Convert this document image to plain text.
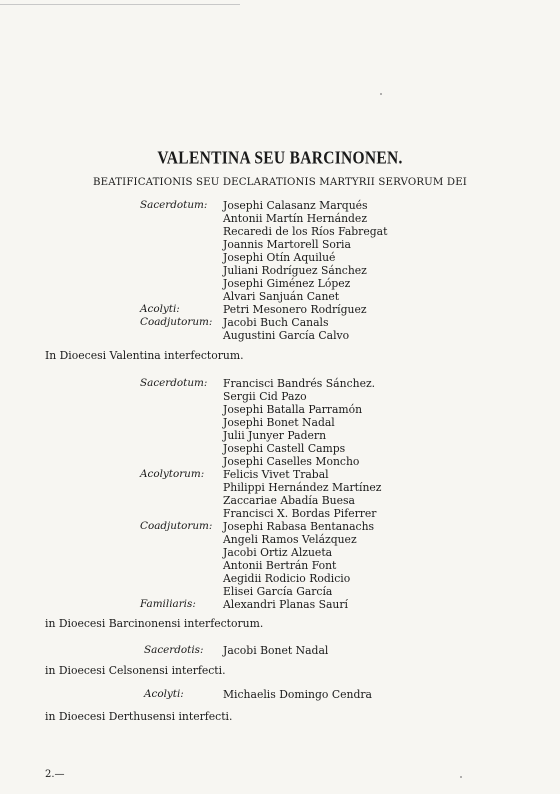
VALENTINA SEU BARCINONEN.
BEATIFICATIONIS SEU DECLARATIONIS MARTYRII SERVORUM DEI
Sacerdotum: Josephi Calasanz Marqués
Antonii Martín Hernández
Recaredi de los Ríos Fabregat
Joannis Martorell Soria
Josephi Otín Aquilué
Juliani Rodríguez Sánchez
Josephi Giménez López
Alvari Sanjuán Canet
Acolyti:	Petri Mesonero Rodríguez
Coadjutorum: Jacobi Buch Canals
Augustini García Calvo
In Dioecesi Valentina interfectorum.
Sacerdotum: Francisci Bandrés Sánchez.
Sergii Cid Pazo
Josephi Batalla Parramón
Josephi Bonet Nadal
Julii Junyer Padern
Josephi Castell Camps
Josephi Caselles Moncho
Acolytorum: Felicis Vivet Trabal
Philippi Hernández Martínez
Zaccariae Abadía Buesa
Francisci X. Bordas Piferrer
Coadjutorum: Josephi Rabasa Bentanachs
Angeli Ramos Velázquez
Jacobi Ortiz Alzueta
Antonii Bertrán Font
Aegidii Rodicio Rodicio
Elisei García García
Familiaris:	Alexandri Planas Saurí
in Dioecesi Barcinonensi interfectorum.
Sacerdotis: Jacobi Bonet Nadal
in Dioecesi Celsonensi interfecti.
Acolyti:	Michaelis Domingo Cendra
in Dioecesi Derthusensi interfecti.
2.—
